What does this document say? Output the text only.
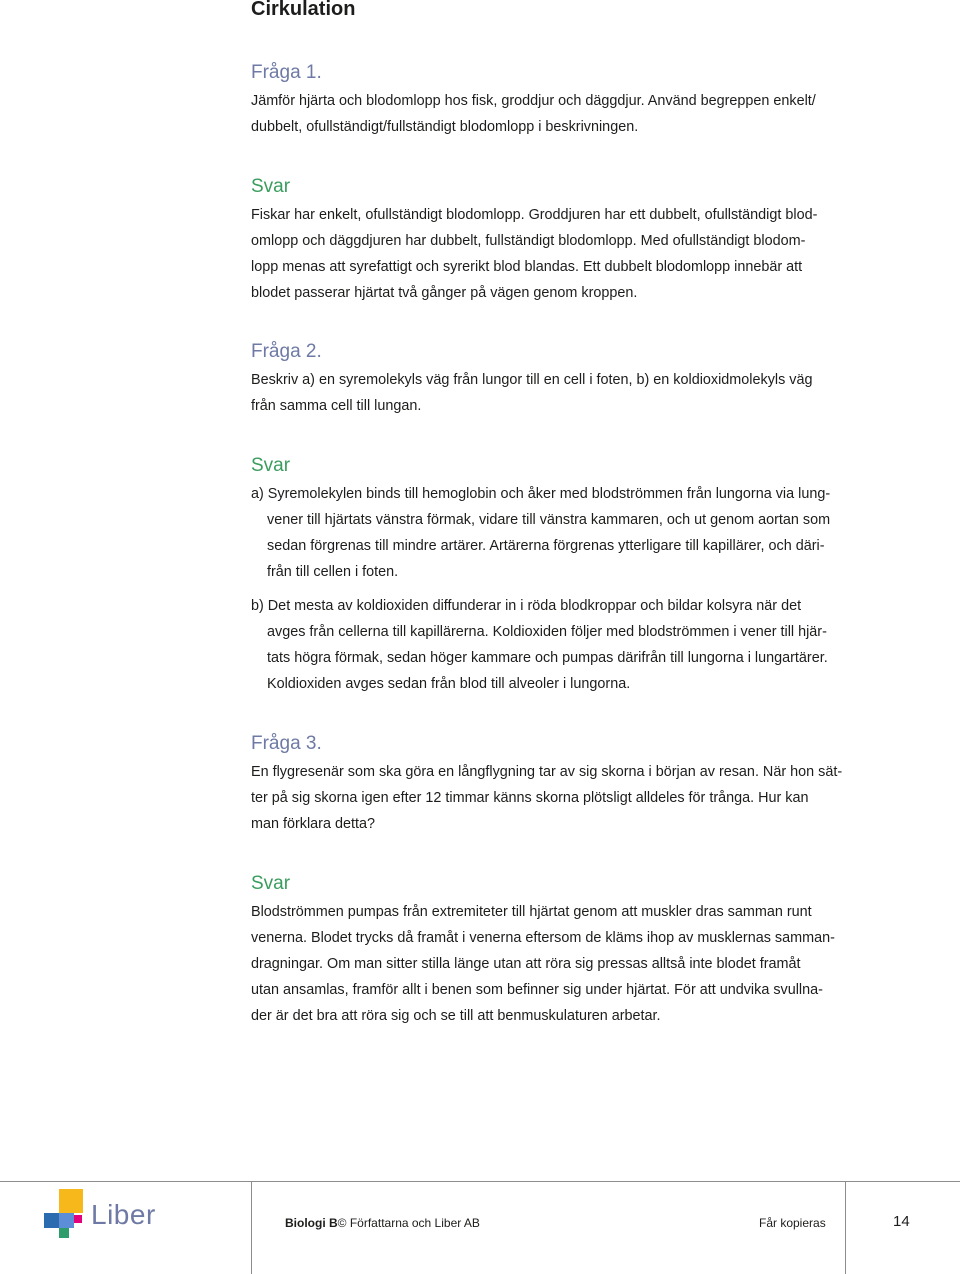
Cirkulation
Fråga 1.

Jämför hjärta och blodomlopp hos fisk, groddjur och däggdjur. Använd begreppen enkelt/
dubbelt, ofullständigt/fullständigt blodomlopp i beskrivningen.

Svar

Fiskar har enkelt, ofullständigt blodomlopp. Groddjuren har ett dubbelt, ofullständigt blod-
omlopp och däggdjuren har dubbelt, fullständigt blodomlopp. Med ofullständigt blodom-
lopp menas att syrefattigt och syrerikt blod blandas. Ett dubbelt blodomlopp innebär att
blodet passerar hjärtat två gånger på vägen genom kroppen.

Fråga 2.

Beskriv a) en syremolekyls väg från lungor till en cell i foten, b) en koldioxidmolekyls väg
från samma cell till lungan.

Svar

a) Syremolekylen binds till hemoglobin och åker med blodströmmen från lungorna via lung-
vener till hjärtats vänstra förmak, vidare till vänstra kammaren, och ut genom aortan som
sedan förgrenas till mindre artärer. Artärerna förgrenas ytterligare till kapillärer, och däri-
från till cellen i foten.

b) Det mesta av koldioxiden diffunderar in i röda blodkroppar och bildar kolsyra när det
avges från cellerna till kapillärerna. Koldioxiden följer med blodströmmen i vener till hjär-
tats högra förmak, sedan höger kammare och pumpas därifrån till lungorna i lungartärer.
Koldioxiden avges sedan från blod till alveoler i lungorna.

Fråga 3.

En flygresenär som ska göra en långflygning tar av sig skorna i början av resan. När hon sät-
ter på sig skorna igen efter 12 timmar känns skorna plötsligt alldeles för trånga. Hur kan
man förklara detta?

Svar

Blodströmmen pumpas från extremiteter till hjärtat genom att muskler dras samman runt
venerna. Blodet trycks då framåt i venerna eftersom de kläms ihop av musklernas samman-
dragningar. Om man sitter stilla länge utan att röra sig pressas alltså inte blodet framåt
utan ansamlas, framför allt i benen som befinner sig under hjärtat. För att undvika svullna-
der är det bra att röra sig och se till att benmuskulaturen arbetar.

Liber	Biologi B© Författarna och Liber AB	Får kopieras	14
